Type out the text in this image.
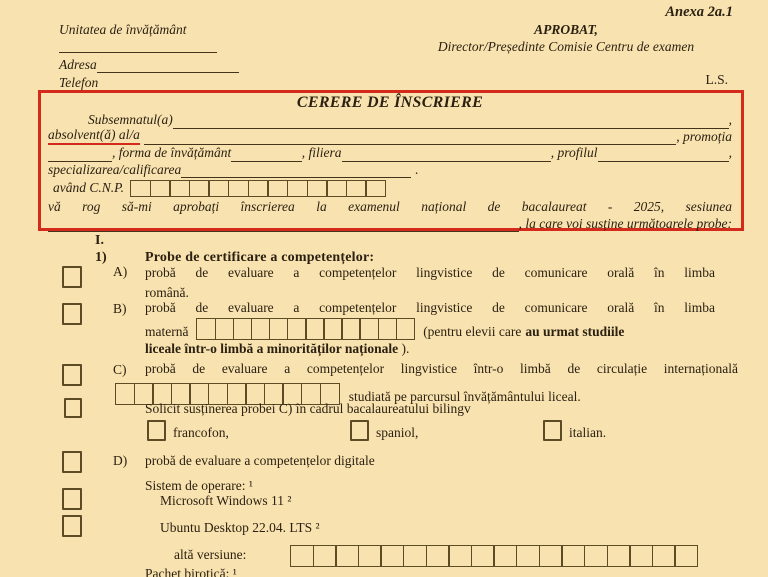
Anexa 2a.1
Unitatea de învățământ	APROBAT,
Director/Președinte Comisie Centru de examen
Adresa
Telefon	L.S.
CERERE DE ÎNSCRIERE
Subsemnatul(a)	,
absolvent(ă) al/a	, promoția
, forma de învățământ	, filiera	, profilul	,
specializarea/calificarea	.
având C.N.P.
vă rog să-mi aprobați înscrierea la examenul național de bacalaureat - 2025, sesiunea
, la care voi susține următoarele probe:
I.
1)	Probe de certificare a competențelor:
A) probă de evaluare a competențelor lingvistice de comunicare orală în limba
română.
B) probă de evaluare a competențelor lingvistice de comunicare orală în limba
maternă	(pentru elevii care au urmat studiile
liceale într-o limbă a minorităților naționale ).
C) probă de evaluare a competențelor lingvistice într-o limbă de circulație internațională
studiată pe parcursul învățământului liceal.
Solicit susținerea probei C) în cadrul bacalaureatului bilingv
francofon,	spaniol,	italian.
D) probă de evaluare a competențelor digitale
Sistem de operare: ¹
Microsoft Windows 11 ²
Ubuntu Desktop 22.04. LTS ²
altă versiune:
Pachet birotică: ¹
